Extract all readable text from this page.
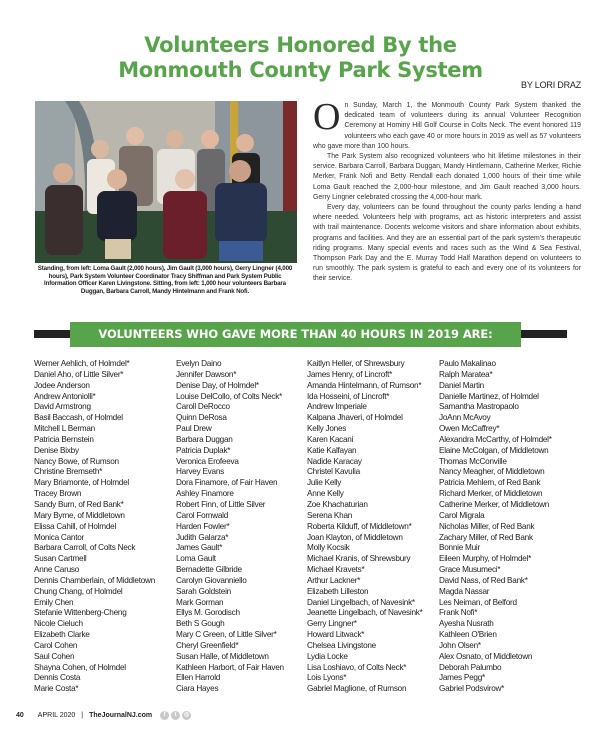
Volunteers Honored By the
Monmouth County Park System
BY LORI DRAZ
Standing, from left: Loma Gault (2,000 hours), Jim Gault (3,000 hours), Gerry Lingner (4,000 hours), Park System Volunteer Coordinator Tracy Shiffman and Park System Public Information Officer Karen Livingstone. Sitting, from left: 1,000 hour volunteers Barbara Duggan, Barbara Carroll, Mandy Hintelmann and Frank Nofi.

On Sunday, March 1, the Monmouth County Park System thanked the dedicated team of volunteers during its annual Volunteer Recognition Ceremony at Hominy Hill Golf Course in Colts Neck. The event honored 119 volunteers who each gave 40 or more hours in 2019 as well as 57 volunteers who gave more than 100 hours.

The Park System also recognized volunteers who hit lifetime milestones in their service. Barbara Carroll, Barbara Duggan, Mandy Hintlemann, Catherine Merker, Richie Merker, Frank Nofi and Betty Rendall each donated 1,000 hours of their time while Loma Gault reached the 2,000-hour milestone, and Jim Gault reached 3,000 hours. Gerry Lingner celebrated crossing the 4,000-hour mark.

Every day, volunteers can be found throughout the county parks lending a hand where needed. Volunteers help with programs, act as historic interpreters and assist with trail maintenance. Docents welcome visitors and share information about exhibits, programs and facilities. And they are an essential part of the park system’s therapeutic riding programs. Many special events and races such as the Wind & Sea Festival, Thompson Park Day and the E. Murray Todd Half Marathon depend on volunteers to run smoothly. The park system is grateful to each and every one of its volunteers for their service.

VOLUNTEERS WHO GAVE MORE THAN 40 HOURS IN 2019 ARE:
Werner Aehlich, of Holmdel*
Daniel Aho, of Little Silver*
Jodee Anderson
Andrew Antoniolli*
David Armstrong
Basil Baccash, of Holmdel
Mitchell L Berman
Patricia Bernstein
Denise Bixby
Nancy Bowe, of Rumson
Christine Bremseth*
Mary Briamonte, of Holmdel
Tracey Brown
Sandy Burn, of Red Bank*
Mary Byrne, of Middletown
Elissa Cahill, of Holmdel
Monica Cantor
Barbara Carroll, of Colts Neck
Susan Cartmell
Anne Caruso
Dennis Chamberlain, of Middletown
Chung Chang, of Holmdel
Emily Chen
Stefanie Wittenberg-Cheng
Nicole Cieluch
Elizabeth Clarke
Carol Cohen
Saul Cohen
Shayna Cohen, of Holmdel
Dennis Costa
Marie Costa*
Evelyn Daino
Jennifer Dawson*
Denise Day, of Holmdel*
Louise DelCollo, of Colts Neck*
Caroll DeRocco
Quinn DeRosa
Paul Drew
Barbara Duggan
Patricia Duplak*
Veronica Erofeeva
Harvey Evans
Dora Finamore, of Fair Haven
Ashley Finamore
Robert Finn, of Little Silver
Carol Fornwald
Harden Fowler*
Judith Galarza*
James Gault*
Loma Gault
Bernadette Gilbride
Carolyn Giovanniello
Sarah Goldstein
Mark Gorman
Ellys M. Gorodisch
Beth S Gough
Mary C Green, of Little Silver*
Cheryl Greenfield*
Susan Halle, of Middletown
Kathleen Harbort, of Fair Haven
Ellen Harrold
Ciara Hayes
Kaitlyn Heller, of Shrewsbury
James Henry, of Lincroft*
Amanda Hintelmann, of Rumson*
Ida Hosseini, of Lincroft*
Andrew Imperiale
Kalpana Jhaveri, of Holmdel
Kelly Jones
Karen Kacani
Katie Kalfayan
Nadide Karacay
Christel Kavulia
Julie Kelly
Anne Kelly
Zoe Khachaturian
Serena Khan
Roberta Kilduff, of Middletown*
Joan Klayton, of Middletown
Molly Kocsik
Michael Kranis, of Shrewsbury
Michael Kravets*
Arthur Lackner*
Elizabeth Lilleston
Daniel Lingelbach, of Navesink*
Jeanette Lingelbach, of Navesink*
Gerry Lingner*
Howard Litwack*
Chelsea Livingstone
Lydia Locke
Lisa Loshiavo, of Colts Neck*
Lois Lyons*
Gabriel Maglione, of Rumson
Paulo Makalinao
Ralph Maratea*
Daniel Martin
Danielle Martinez, of Holmdel
Samantha Mastropaolo
JoAnn McAvoy
Owen McCaffrey*
Alexandra McCarthy, of Holmdel*
Elaine McColgan, of Middletown
Thomas McConville
Nancy Meagher, of Middletown
Patricia Mehlem, of Red Bank
Richard Merker, of Middletown
Catherine Merker, of Middletown
Carol Migrala
Nicholas Miller, of Red Bank
Zachary Miller, of Red Bank
Bonnie Muir
Eileen Murphy, of Holmdel*
Grace Musumeci*
David Nass, of Red Bank*
Magda Nassar
Les Neiman, of Belford
Frank Nofi*
Ayesha Nusrath
Kathleen O'Brien
John Olsen*
Alex Osnato, of Middletown
Deborah Palumbo
James Pegg*
Gabriel Podsvirow*
40 APRIL 2020 | TheJournalNJ.com	f	t	◎
